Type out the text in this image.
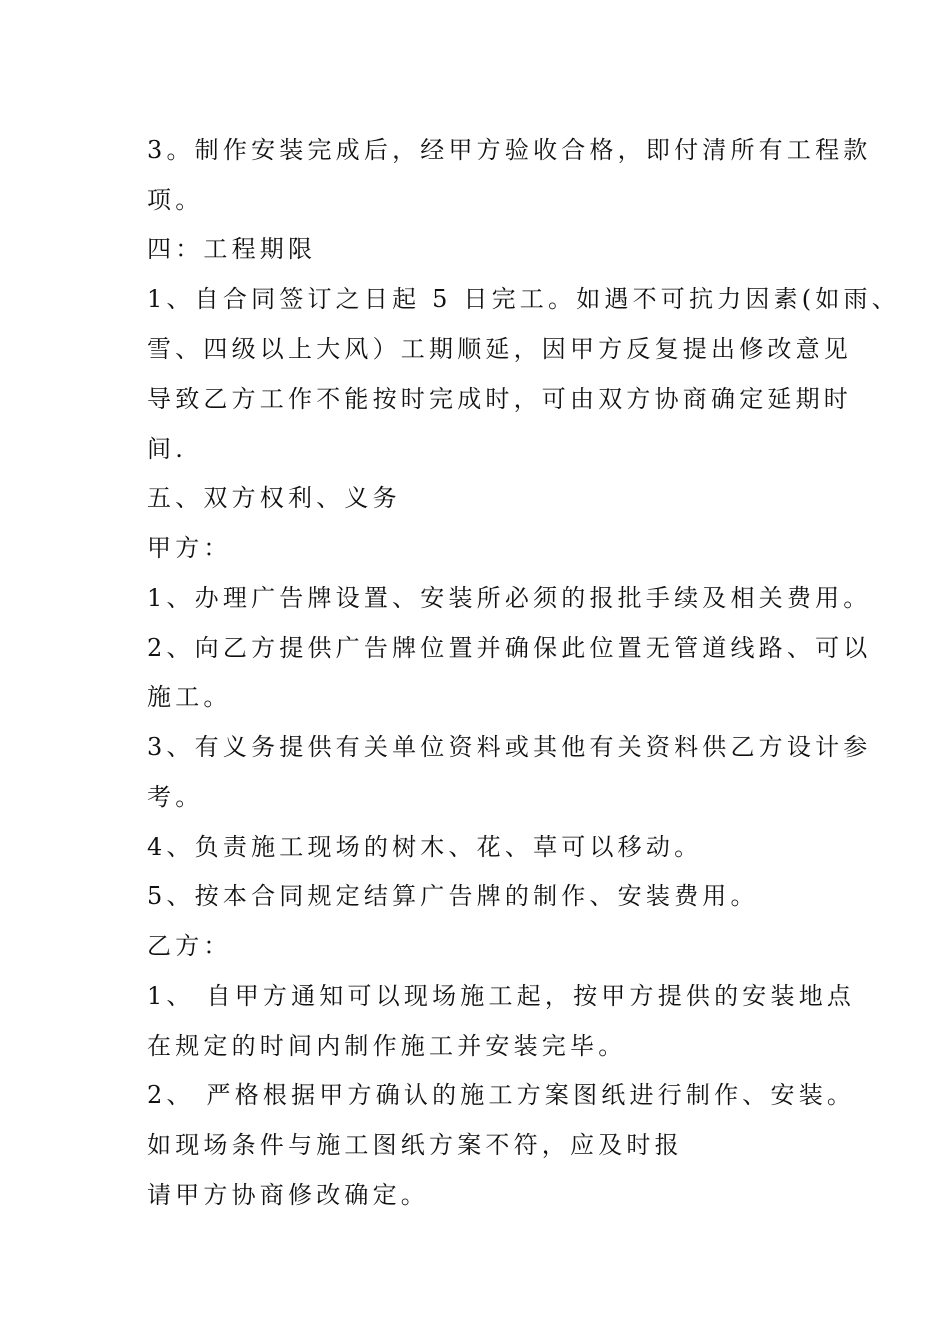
3。制作安装完成后，经甲方验收合格，即付清所有工程款
项。
四：工程期限
1、自合同签订之日起 5 日完工。如遇不可抗力因素(如雨、
雪、四级以上大风）工期顺延，因甲方反复提出修改意见
导致乙方工作不能按时完成时，可由双方协商确定延期时
间.
五、双方权利、义务
甲方：
1、办理广告牌设置、安装所必须的报批手续及相关费用。
2、向乙方提供广告牌位置并确保此位置无管道线路、可以
施工。
3、有义务提供有关单位资料或其他有关资料供乙方设计参
考。
4、负责施工现场的树木、花、草可以移动。
5、按本合同规定结算广告牌的制作、安装费用。
乙方：
1、 自甲方通知可以现场施工起，按甲方提供的安装地点
在规定的时间内制作施工并安装完毕。
2、 严格根据甲方确认的施工方案图纸进行制作、安装。
如现场条件与施工图纸方案不符，应及时报
请甲方协商修改确定。
